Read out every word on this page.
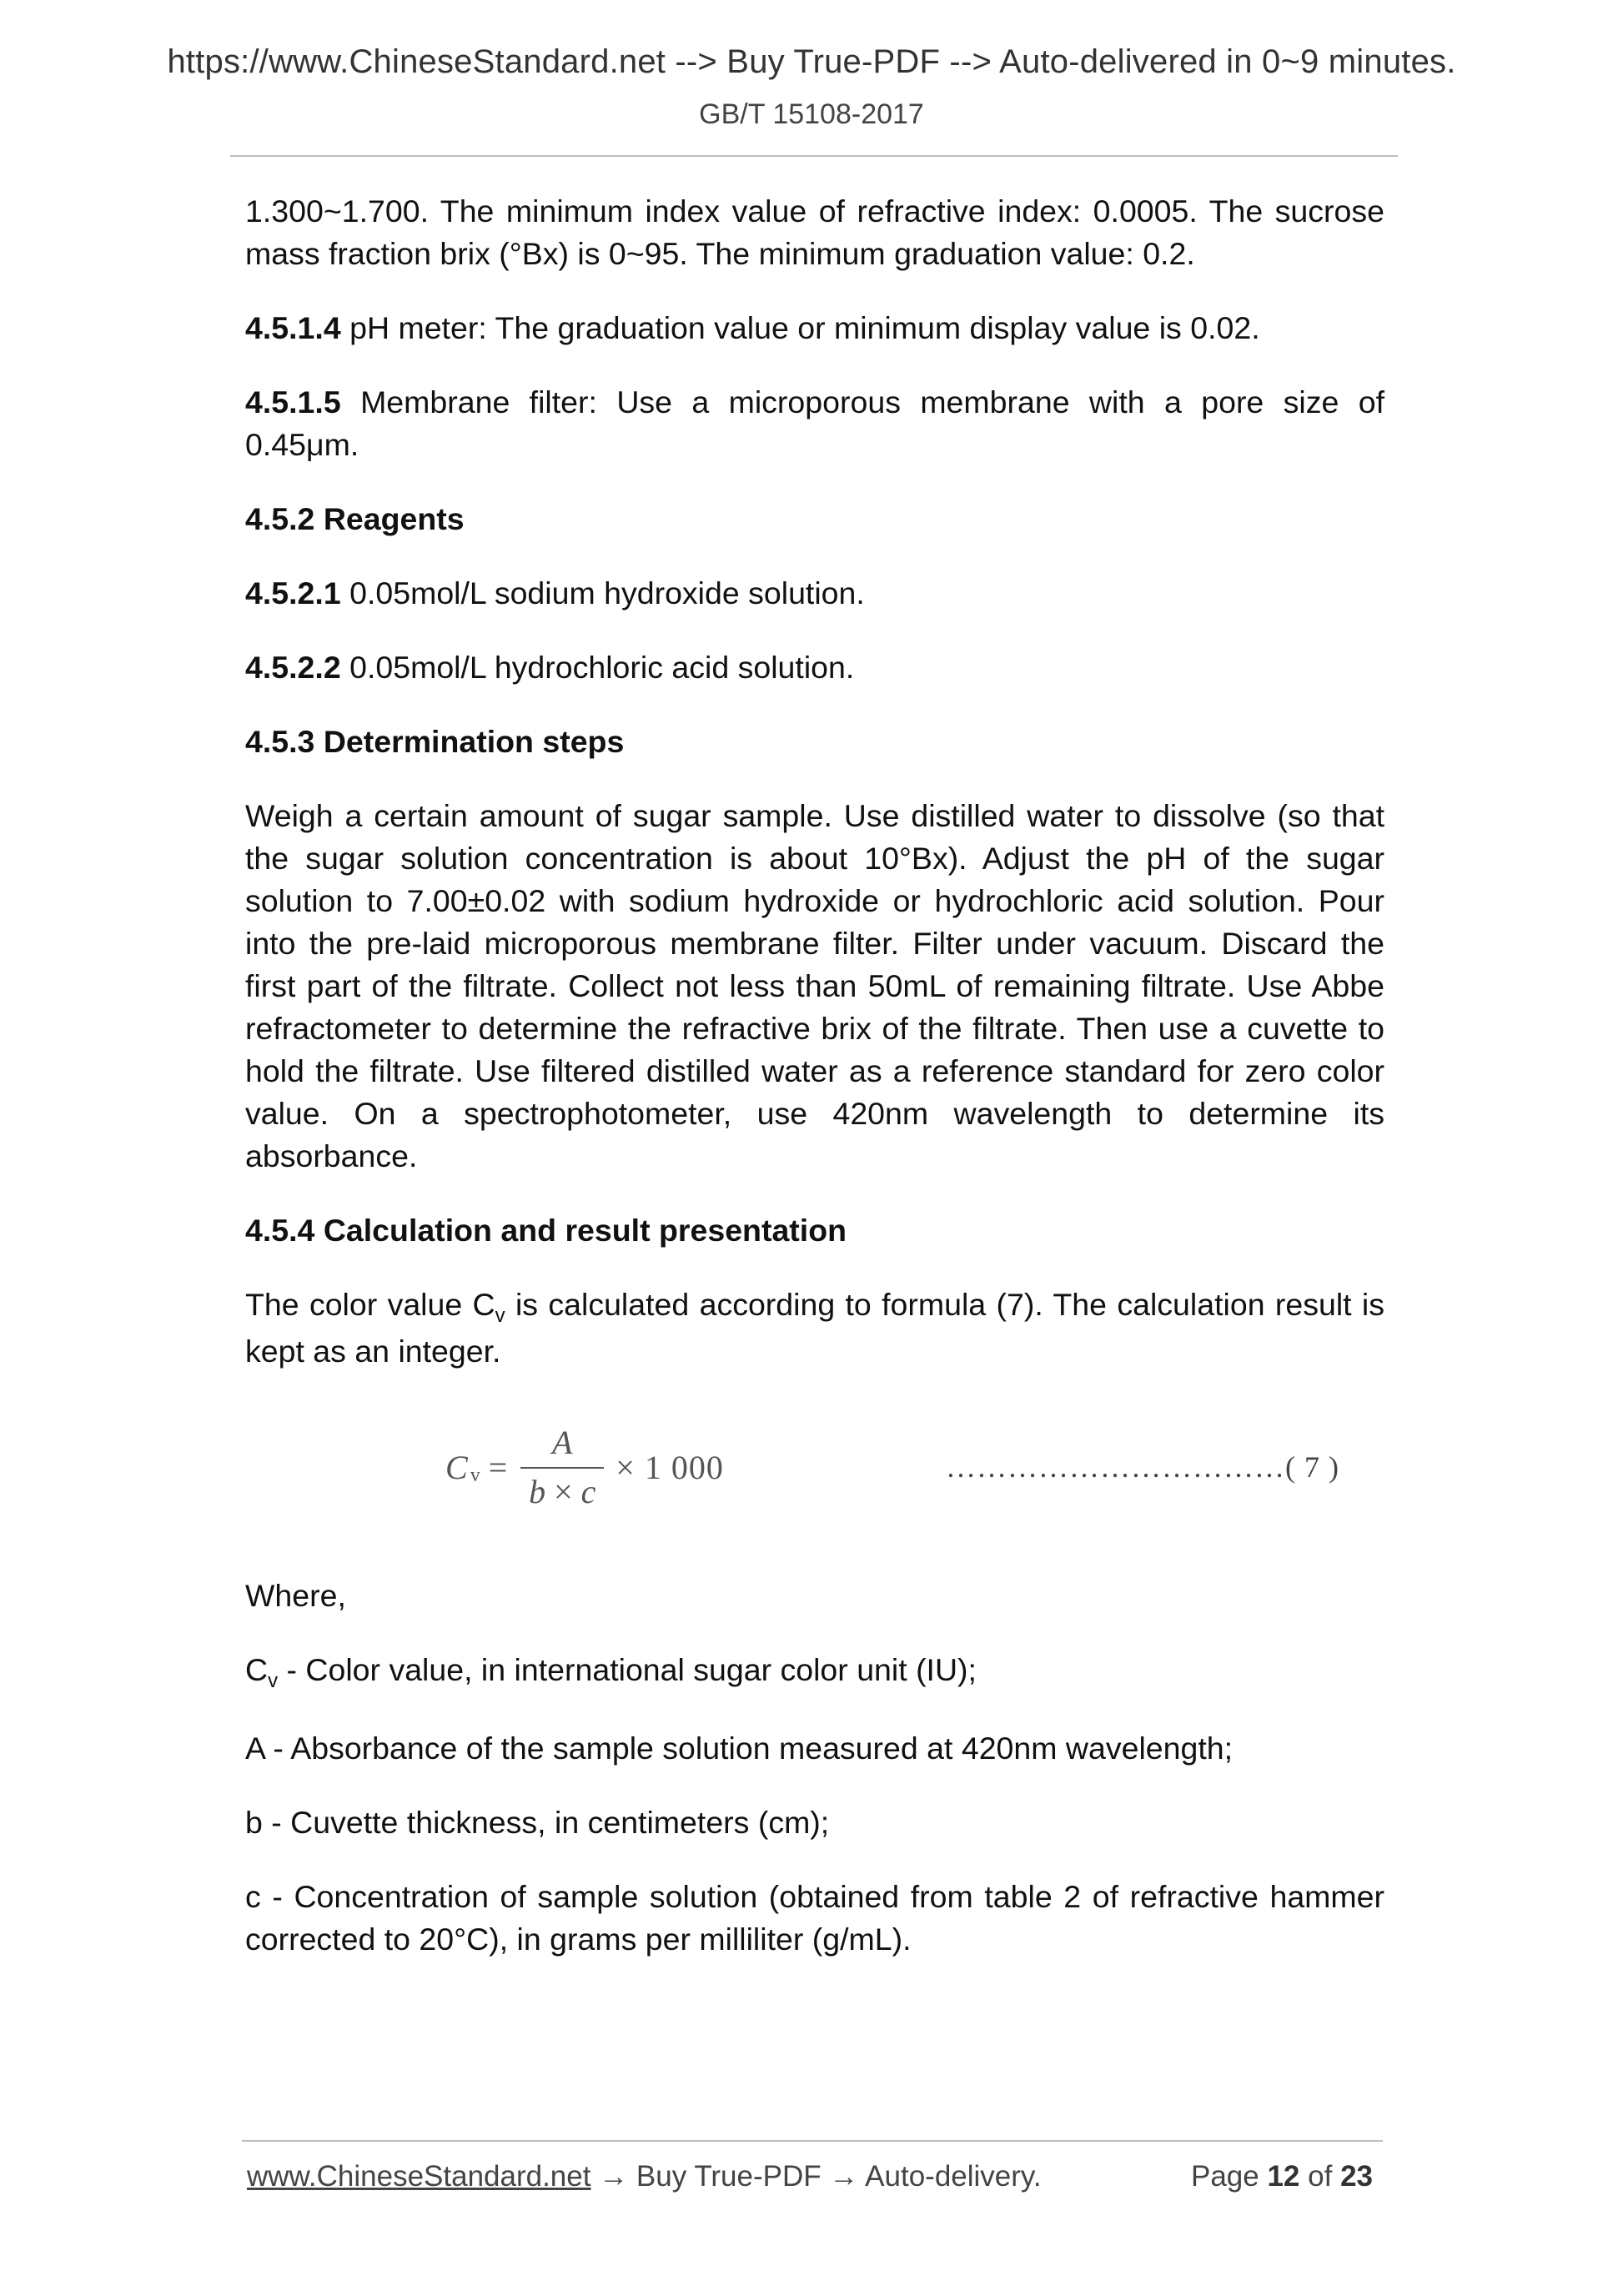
https://www.ChineseStandard.net --> Buy True-PDF --> Auto-delivered in 0~9 minutes.
GB/T 15108-2017

1.300~1.700. The minimum index value of refractive index: 0.0005. The sucrose mass fraction brix (°Bx) is 0~95. The minimum graduation value: 0.2.

4.5.1.4 pH meter: The graduation value or minimum display value is 0.02.

4.5.1.5 Membrane filter: Use a microporous membrane with a pore size of 0.45μm.

4.5.2 Reagents

4.5.2.1 0.05mol/L sodium hydroxide solution.

4.5.2.2 0.05mol/L hydrochloric acid solution.

4.5.3 Determination steps

Weigh a certain amount of sugar sample. Use distilled water to dissolve (so that the sugar solution concentration is about 10°Bx). Adjust the pH of the sugar solution to 7.00±0.02 with sodium hydroxide or hydrochloric acid solution. Pour into the pre-laid microporous membrane filter. Filter under vacuum. Discard the first part of the filtrate. Collect not less than 50mL of remaining filtrate. Use Abbe refractometer to determine the refractive brix of the filtrate. Then use a cuvette to hold the filtrate. Use filtered distilled water as a reference standard for zero color value. On a spectrophotometer, use 420nm wavelength to determine its absorbance.

4.5.4 Calculation and result presentation

The color value $C_v$ is calculated according to formula (7). The calculation result is kept as an integer.

C $v = \frac{A}{b \times c} \times 1$ 000	…………………………… ( 7 )

Where,

$C_v$ - Color value, in international sugar color unit (IU);

A - Absorbance of the sample solution measured at 420nm wavelength;

b - Cuvette thickness, in centimeters (cm);

c - Concentration of sample solution (obtained from table 2 of refractive hammer corrected to 20°C), in grams per milliliter (g/mL).

www.ChineseStandard.net → Buy True-PDF → Auto-delivery.	Page 12 of 23
